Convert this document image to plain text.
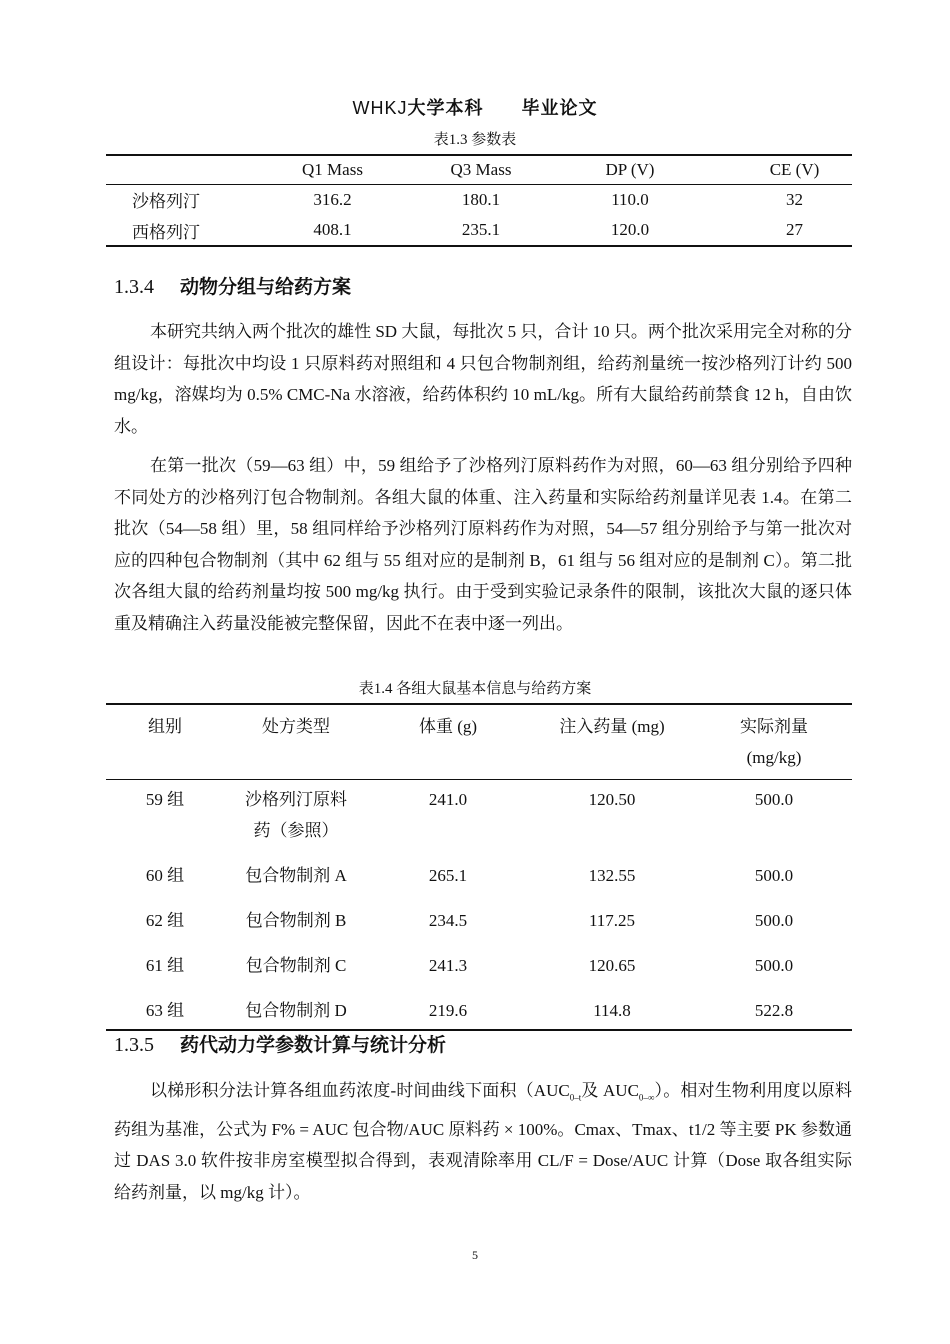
WHKJ大学本科 毕业论文
表1.3 参数表
	Q1 Mass	Q3 Mass	DP (V)	CE (V)
沙格列汀	316.2	180.1	110.0	32
西格列汀	408.1	235.1	120.0	27
1.3.4 动物分组与给药方案

本研究共纳入两个批次的雄性 SD 大鼠，每批次 5 只，合计 10 只。两个批次采用完全对称的分组设计：每批次中均设 1 只原料药对照组和 4 只包合物制剂组，给药剂量统一按沙格列汀计约 500 mg/kg，溶媒均为 0.5% CMC-Na 水溶液，给药体积约 10 mL/kg。所有大鼠给药前禁食 12 h，自由饮水。

在第一批次（59—63 组）中，59 组给予了沙格列汀原料药作为对照，60—63 组分别给予四种不同处方的沙格列汀包合物制剂。各组大鼠的体重、注入药量和实际给药剂量详见表 1.4。在第二批次（54—58 组）里，58 组同样给予沙格列汀原料药作为对照，54—57 组分别给予与第一批次对应的四种包合物制剂（其中 62 组与 55 组对应的是制剂 B，61 组与 56 组对应的是制剂 C）。第二批次各组大鼠的给药剂量均按 500 mg/kg 执行。由于受到实验记录条件的限制，该批次大鼠的逐只体重及精确注入药量没能被完整保留，因此不在表中逐一列出。

表1.4 各组大鼠基本信息与给药方案
组别	处方类型	体重 (g)	注入药量 (mg)	实际剂量
(mg/kg)

59 组	沙格列汀原料
药（参照）	241.0	120.50	500.0
60 组	包合物制剂 A	265.1	132.55	500.0
62 组	包合物制剂 B	234.5	117.25	500.0
61 组	包合物制剂 C	241.3	120.65	500.0
63 组	包合物制剂 D	219.6	114.8	522.8
1.3.5 药代动力学参数计算与统计分析

以梯形积分法计算各组血药浓度-时间曲线下面积（$AUC_{0-t}$及 $AUC_{0-\infty}$）。相对生物利用度以原料药组为基准，公式为 F% = AUC 包合物/AUC 原料药 × 100%。Cmax、Tmax、t1/2 等主要 PK 参数通过 DAS 3.0 软件按非房室模型拟合得到，表观清除率用 CL/F = Dose/AUC 计算（Dose 取各组实际给药剂量，以 mg/kg 计）。

5
